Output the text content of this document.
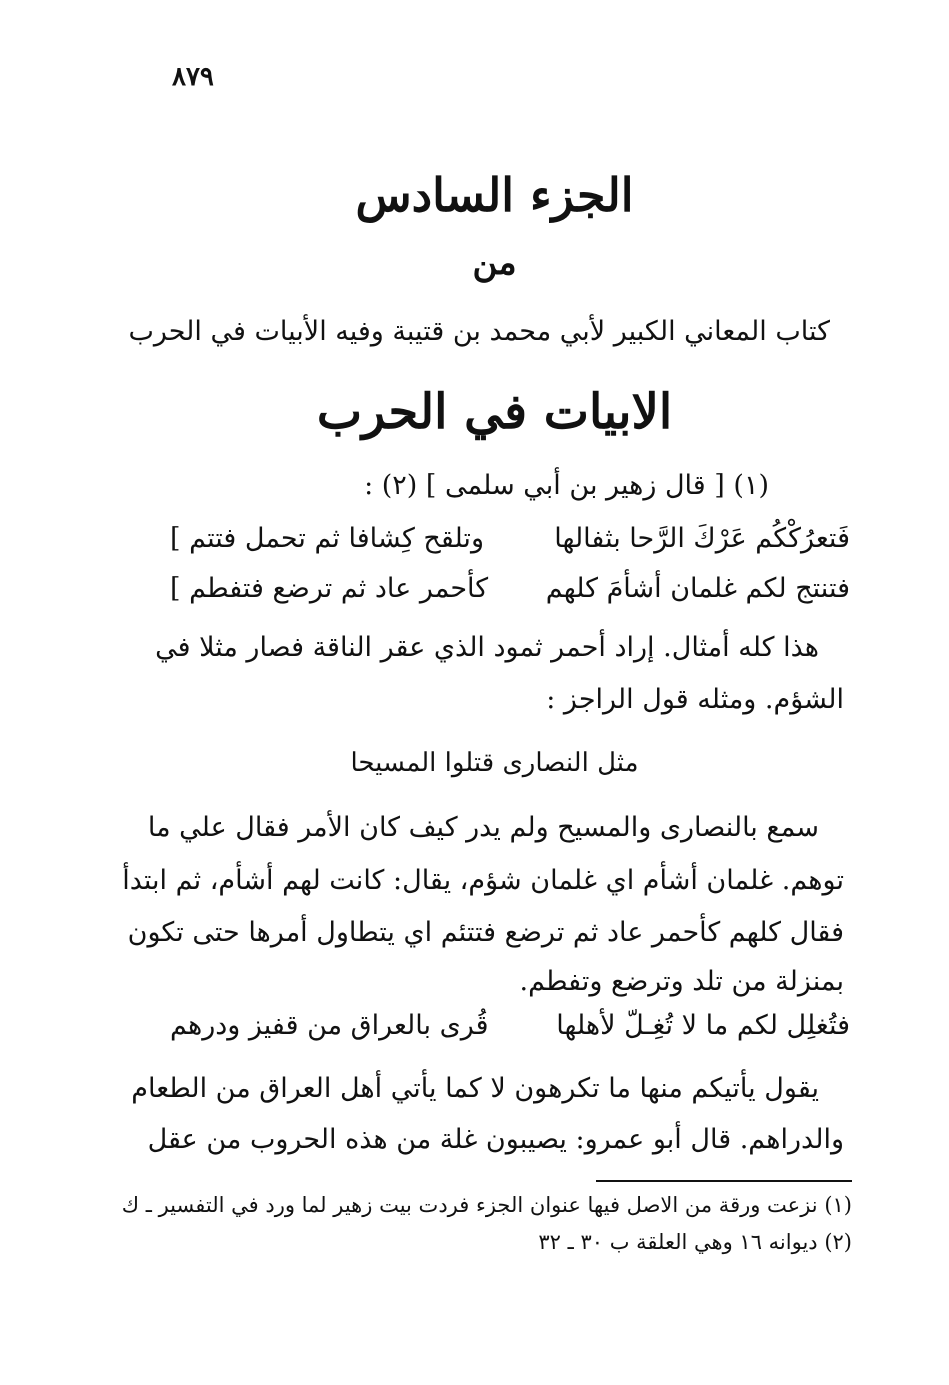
٨٧٩
الجزء السادس
من
كتاب المعاني الكبير لأبي محمد بن قتيبة وفيه الأبيات في الحرب
الابيات في الحرب
(١) [ قال زهير بن أبي سلمى ] (٢) :
فَتعرُكْكُم عَرْكَ الرَّحا بثفالها
وتلقح كِشافا ثم تحمل فتتم ]
فتنتج لكم غلمان أشأمَ كلهم
كأحمر عاد ثم ترضع فتفطم ]
هذا كله أمثال. إراد أحمر ثمود الذي عقر الناقة فصار مثلا في
الشؤم. ومثله قول الراجز :
مثل النصارى قتلوا المسيحا
سمع بالنصارى والمسيح ولم يدر كيف كان الأمر فقال علي ما
توهم. غلمان أشأم اي غلمان شؤم، يقال: كانت لهم أشأم، ثم ابتدأ
فقال كلهم كأحمر عاد ثم ترضع فتتئم اي يتطاول أمرها حتى تكون
بمنزلة من تلد وترضع وتفطم.
فتُغلِل لكم ما لا تُغِـلّ لأهلها
قُرى بالعراق من قفيز ودرهم
يقول يأتيكم منها ما تكرهون لا كما يأتي أهل العراق من الطعام
والدراهم. قال أبو عمرو: يصيبون غلة من هذه الحروب من عقل
(١) نزعت ورقة من الاصل فيها عنوان الجزء فردت بيت زهير لما ورد في التفسير ـ ك
(٢) ديوانه ١٦ وهي العلقة ب ٣٠ ـ ٣٢
